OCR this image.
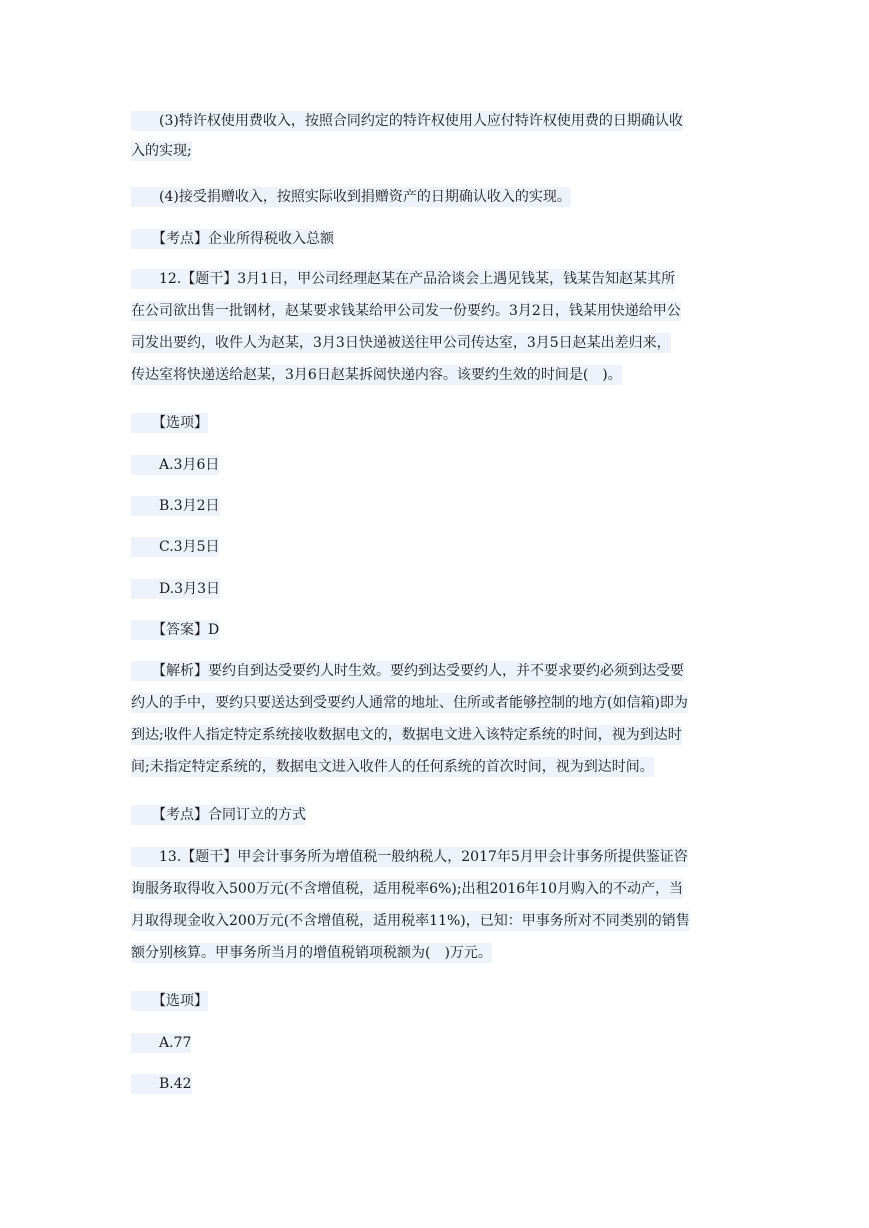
　　(3)特许权使用费收入，按照合同约定的特许权使用人应付特许权使用费的日期确认收
入的实现;
　　(4)接受捐赠收入，按照实际收到捐赠资产的日期确认收入的实现。
　　【考点】企业所得税收入总额
　　12.【题干】3月1日，甲公司经理赵某在产品洽谈会上遇见钱某，钱某告知赵某其所
在公司欲出售一批钢材，赵某要求钱某给甲公司发一份要约。3月2日，钱某用快递给甲公
司发出要约，收件人为赵某，3月3日快递被送往甲公司传达室，3月5日赵某出差归来，
传达室将快递送给赵某，3月6日赵某拆阅快递内容。该要约生效的时间是(　)。
　　【选项】
　　A.3月6日
　　B.3月2日
　　C.3月5日
　　D.3月3日
　　【答案】D
　　【解析】要约自到达受要约人时生效。要约到达受要约人，并不要求要约必须到达受要
约人的手中，要约只要送达到受要约人通常的地址、住所或者能够控制的地方(如信箱)即为
到达;收件人指定特定系统接收数据电文的，数据电文进入该特定系统的时间，视为到达时
间;未指定特定系统的，数据电文进入收件人的任何系统的首次时间，视为到达时间。
　　【考点】合同订立的方式
　　13.【题干】甲会计事务所为增值税一般纳税人，2017年5月甲会计事务所提供鉴证咨
询服务取得收入500万元(不含增值税，适用税率6%);出租2016年10月购入的不动产，当
月取得现金收入200万元(不含增值税，适用税率11%)，已知：甲事务所对不同类别的销售
额分别核算。甲事务所当月的增值税销项税额为(　)万元。
　　【选项】
　　A.77
　　B.42
